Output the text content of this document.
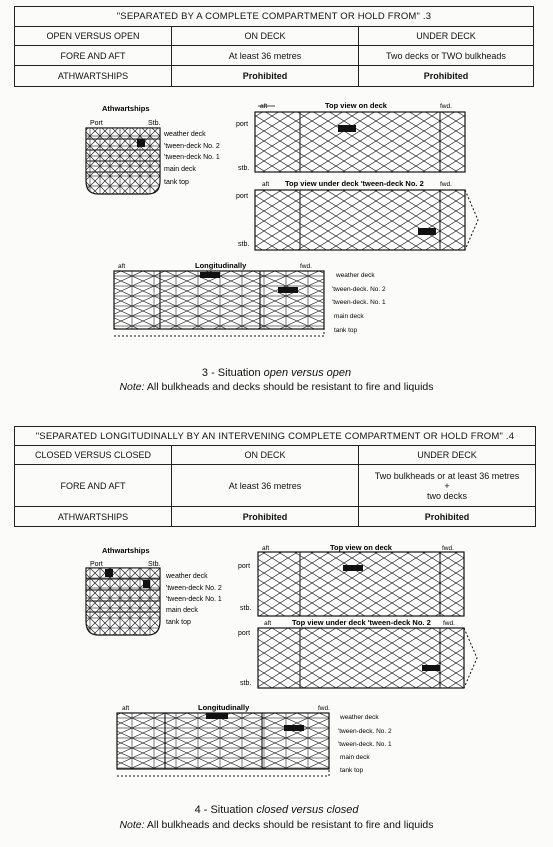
"SEPARATED BY A COMPLETE COMPARTMENT OR HOLD FROM" .3		
OPEN VERSUS OPEN	ON DECK	UNDER DECK
FORE AND AFT	At least 36 metres	Two decks or TWO bulkheads
ATHWARTSHIPS	Prohibited	Prohibited
Athwartships
Port	Stb.
weather deck
'tween-deck No. 2
'tween-deck No. 1
main deck
tank top
aft	Top view on deck	fwd.
port
stb.
aft Top view under deck 'tween-deck No. 2 fwd.
port
stb.
aft	Longitudinally	fwd.
weather deck
'tween-deck. No. 2
'tween-deck. No. 1
main deck
tank top
3 - Situation open versus open
Note: All bulkheads and decks should be resistant to fire and liquids
"SEPARATED LONGITUDINALLY BY AN INTERVENING COMPLETE COMPARTMENT OR HOLD FROM" .4		
CLOSED VERSUS CLOSED	ON DECK	UNDER DECK
FORE AND AFT	At least 36 metres	Two bulkheads or at least 36 metres
+
two decks

ATHWARTSHIPS	Prohibited	Prohibited
Athwartships
Port	Stb.
weather deck
'tween-deck No. 2
'tween-deck No. 1
main deck
tank top
aft	Top view on deck	fwd.
port
stb.
aft	Top view under deck 'tween-deck No. 2 fwd.
port
stb.
aft	Longitudinally	fwd.
weather deck
'tween-deck. No. 2
'tween-deck. No. 1
main deck
tank top
4 - Situation closed versus closed
Note: All bulkheads and decks should be resistant to fire and liquids
